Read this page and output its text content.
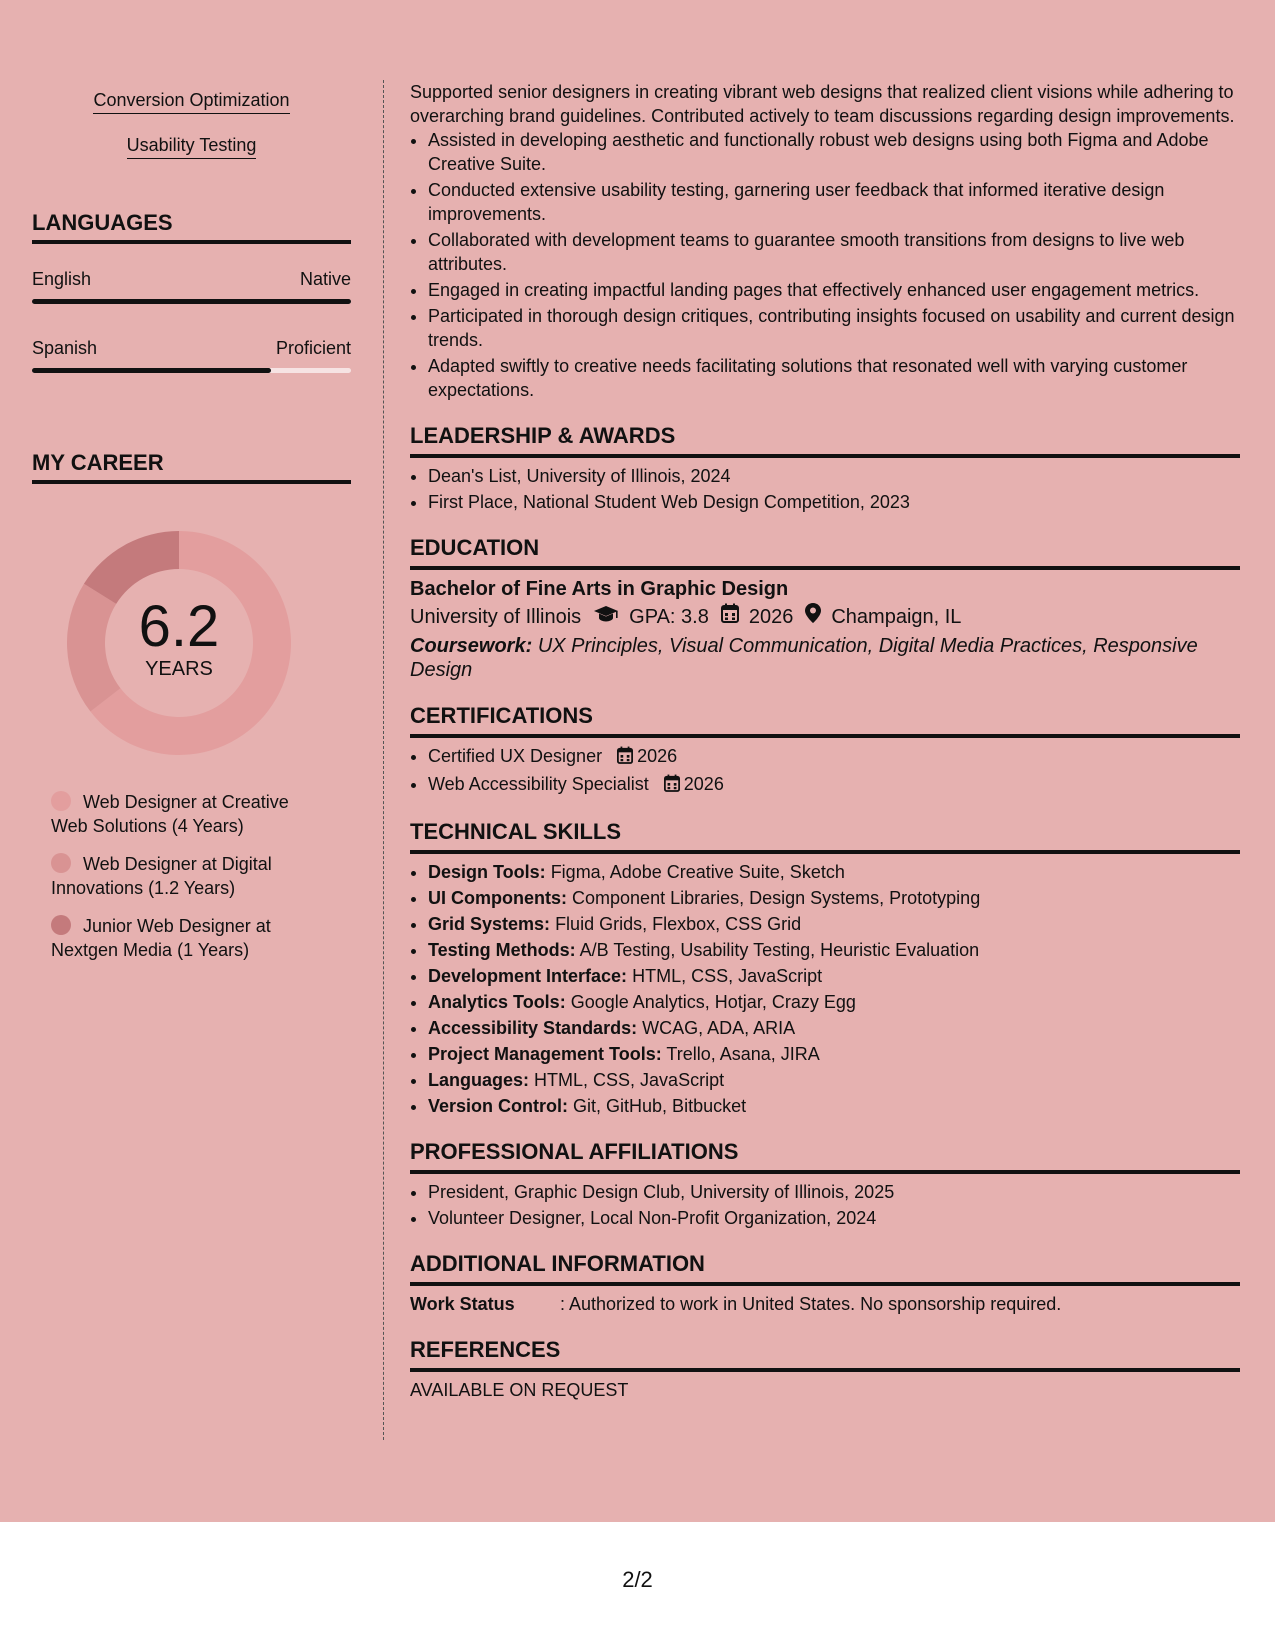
Conversion Optimization
Usability Testing
LANGUAGES
English	Native
Spanish	Proficient
MY CAREER
6.2
YEARS
Web Designer at Creative Web Solutions (4 Years)
Web Designer at Digital Innovations (1.2 Years)
Junior Web Designer at Nextgen Media (1 Years)

Supported senior designers in creating vibrant web designs that realized client visions while adhering to overarching brand guidelines. Contributed actively to team discussions regarding design improvements.

• Assisted in developing aesthetic and functionally robust web designs using both Figma and Adobe Creative Suite.
• Conducted extensive usability testing, garnering user feedback that informed iterative design improvements.
• Collaborated with development teams to guarantee smooth transitions from designs to live web attributes.
• Engaged in creating impactful landing pages that effectively enhanced user engagement metrics.
• Participated in thorough design critiques, contributing insights focused on usability and current design trends.
• Adapted swiftly to creative needs facilitating solutions that resonated well with varying customer expectations.
LEADERSHIP & AWARDS
• Dean's List, University of Illinois, 2024
• First Place, National Student Web Design Competition, 2023
EDUCATION
Bachelor of Fine Arts in Graphic Design
University of Illinois GPA: 3.8 2026 Champaign, IL
Coursework: UX Principles, Visual Communication, Digital Media Practices, Responsive Design
CERTIFICATIONS
• Certified UX Designer 2026
• Web Accessibility Specialist 2026
TECHNICAL SKILLS
• Design Tools: Figma, Adobe Creative Suite, Sketch
• UI Components: Component Libraries, Design Systems, Prototyping
• Grid Systems: Fluid Grids, Flexbox, CSS Grid
• Testing Methods: A/B Testing, Usability Testing, Heuristic Evaluation
• Development Interface: HTML, CSS, JavaScript
• Analytics Tools: Google Analytics, Hotjar, Crazy Egg
• Accessibility Standards: WCAG, ADA, ARIA
• Project Management Tools: Trello, Asana, JIRA
• Languages: HTML, CSS, JavaScript
• Version Control: Git, GitHub, Bitbucket
PROFESSIONAL AFFILIATIONS
• President, Graphic Design Club, University of Illinois, 2025
• Volunteer Designer, Local Non-Profit Organization, 2024
ADDITIONAL INFORMATION
Work Status	: Authorized to work in United States. No sponsorship required.
REFERENCES
AVAILABLE ON REQUEST
2/2
